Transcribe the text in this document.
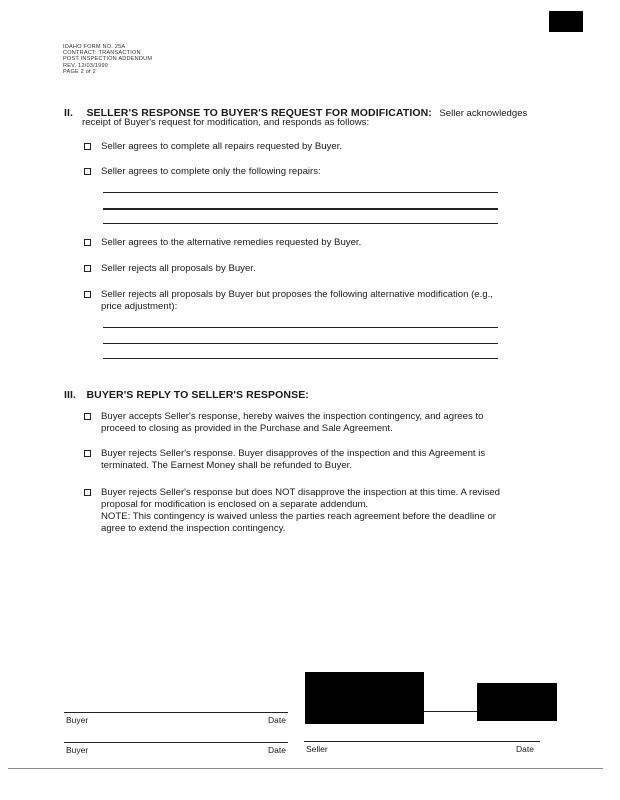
IDAHO FORM NO. 25A
CONTRACT: TRANSACTION
POST INSPECTION ADDENDUM
REV. 12/03/1999
PAGE 2 of 2
II. SELLER'S RESPONSE TO BUYER'S REQUEST FOR MODIFICATION: Seller acknowledges
receipt of Buyer's request for modification, and responds as follows:
Seller agrees to complete all repairs requested by Buyer.
Seller agrees to complete only the following repairs:
Seller agrees to the alternative remedies requested by Buyer.
Seller rejects all proposals by Buyer.
Seller rejects all proposals by Buyer but proposes the following alternative modification (e.g.,
price adjustment):
III. BUYER'S REPLY TO SELLER'S RESPONSE:
Buyer accepts Seller's response, hereby waives the inspection contingency, and agrees to
proceed to closing as provided in the Purchase and Sale Agreement.
Buyer rejects Seller's response. Buyer disapproves of the inspection and this Agreement is
terminated. The Earnest Money shall be refunded to Buyer.
Buyer rejects Seller's response but does NOT disapprove the inspection at this time. A revised
proposal for modification is enclosed on a separate addendum.
NOTE: This contingency is waived unless the parties reach agreement before the deadline or
agree to extend the inspection contingency.
Buyer	Date
Buyer	Date Seller	Date
